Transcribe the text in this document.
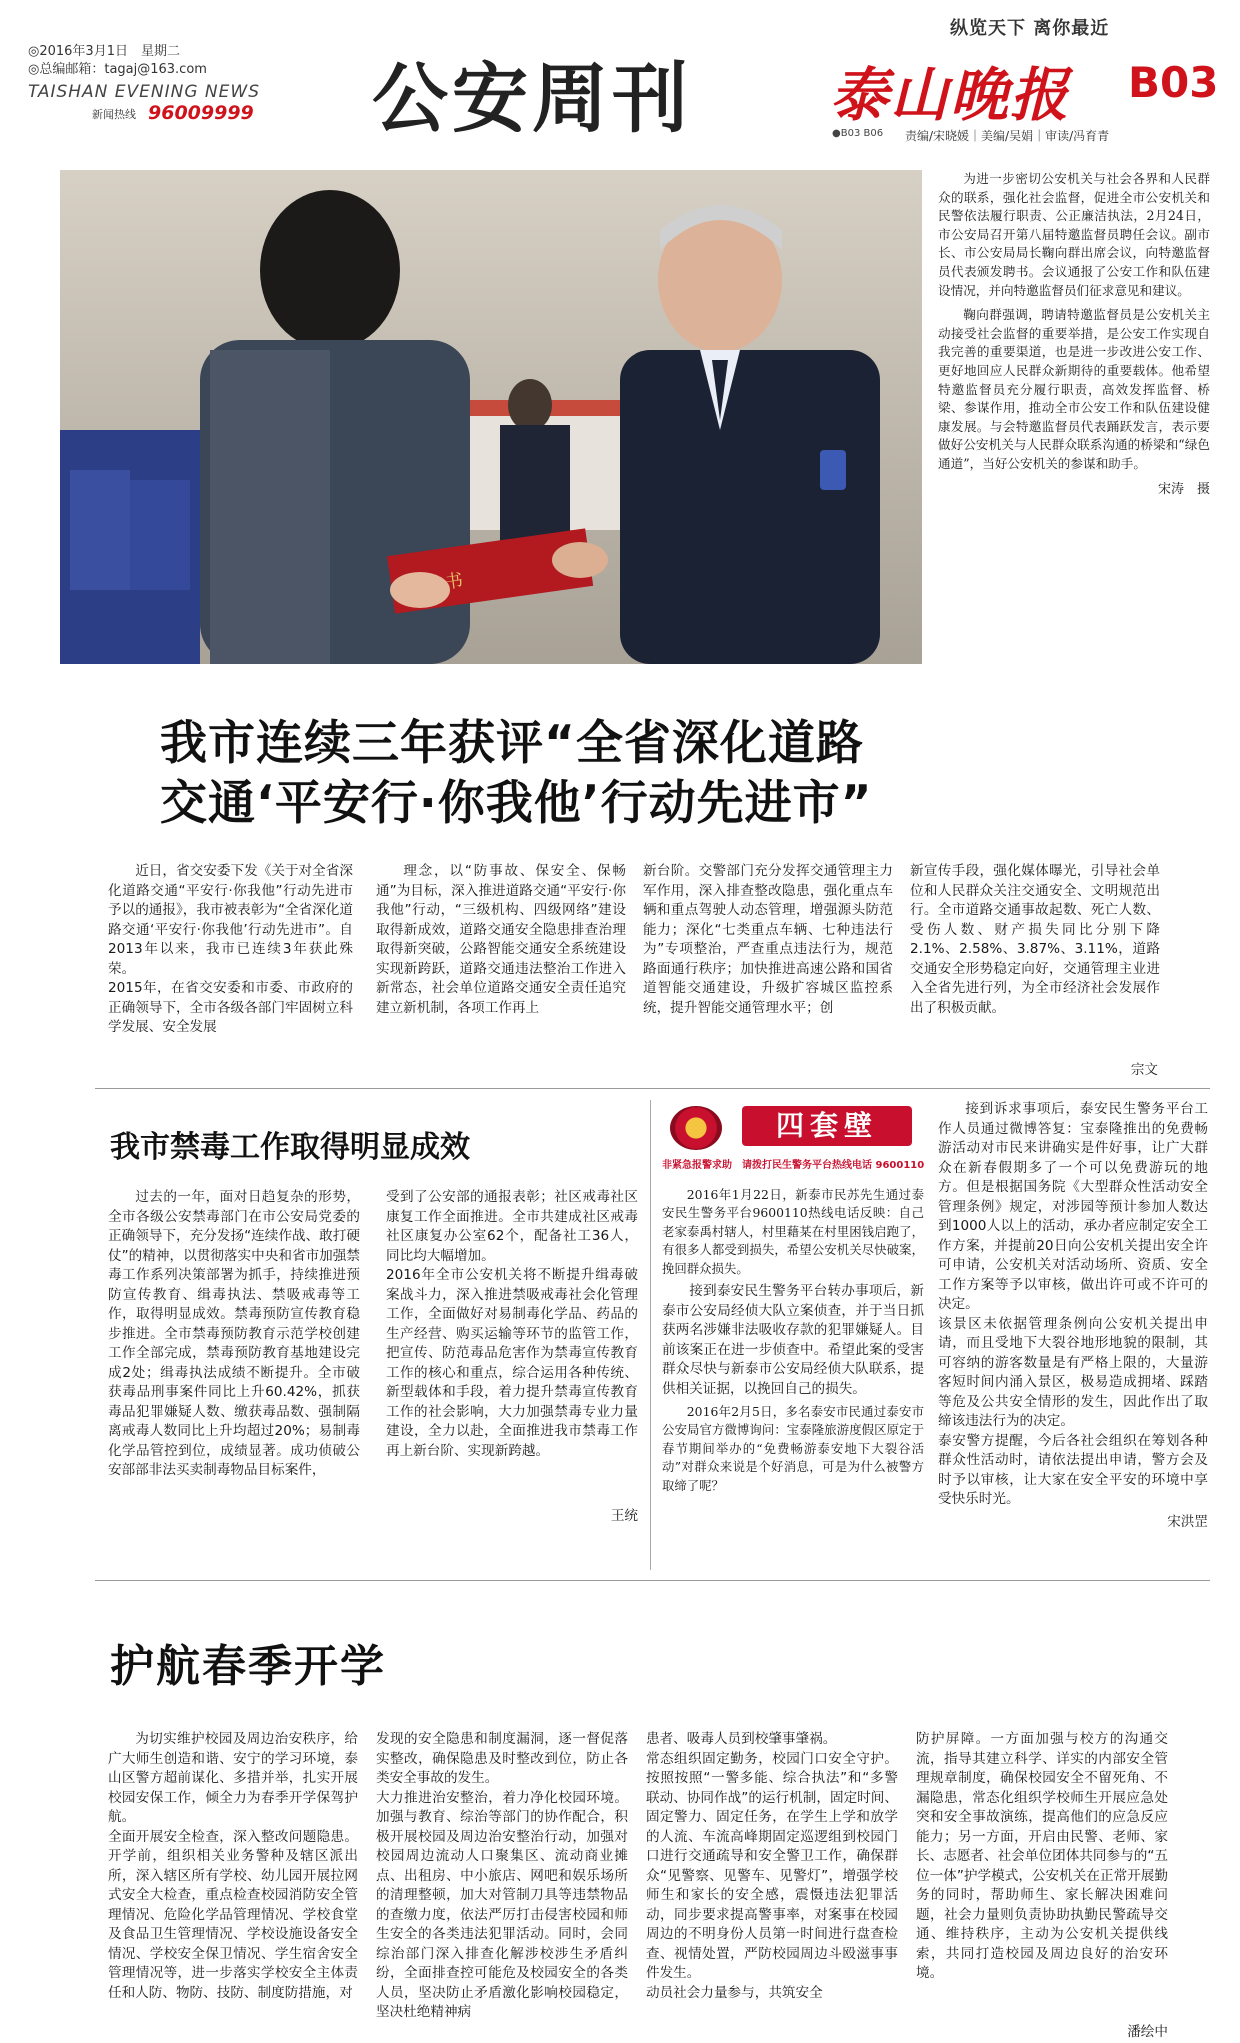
◎2016年3月1日　星期二
◎总编邮箱：tagaj@163.com
TAISHAN EVENING NEWS
新闻热线 96009999 公安周刊
纵览天下 离你最近
泰山晚报 B03
●B03 B06 责编/宋晓媛｜美编/吴娟｜审读/冯育青
书

为进一步密切公安机关与社会各界和人民群众的联系，强化社会监督，促进全市公安机关和民警依法履行职责、公正廉洁执法，2月24日，市公安局召开第八届特邀监督员聘任会议。副市长、市公安局局长鞠向群出席会议，向特邀监督员代表颁发聘书。会议通报了公安工作和队伍建设情况，并向特邀监督员们征求意见和建议。

鞠向群强调，聘请特邀监督员是公安机关主动接受社会监督的重要举措，是公安工作实现自我完善的重要渠道，也是进一步改进公安工作、更好地回应人民群众新期待的重要载体。他希望特邀监督员充分履行职责，高效发挥监督、桥梁、参谋作用，推动全市公安工作和队伍建设健康发展。与会特邀监督员代表踊跃发言，表示要做好公安机关与人民群众联系沟通的桥梁和“绿色通道”，当好公安机关的参谋和助手。

宋涛　摄
我市连续三年获评“全省深化道路
交通‘平安行·你我他’行动先进市”

近日，省交安委下发《关于对全省深化道路交通“平安行·你我他”行动先进市予以的通报》，我市被表彰为“全省深化道路交通‘平安行·你我他’行动先进市”。自2013年以来，我市已连续3年获此殊荣。
2015年，在省交安委和市委、市政府的正确领导下，全市各级各部门牢固树立科学发展、安全发展

理念，以“防事故、保安全、保畅通”为目标，深入推进道路交通“平安行·你我他”行动，“三级机构、四级网络”建设取得新成效，道路交通安全隐患排查治理取得新突破，公路智能交通安全系统建设实现新跨跃，道路交通违法整治工作进入新常态，社会单位道路交通安全责任追究建立新机制，各项工作再上

新台阶。交警部门充分发挥交通管理主力军作用，深入排查整改隐患，强化重点车辆和重点驾驶人动态管理，增强源头防范能力；深化“七类重点车辆、七种违法行为”专项整治，严查重点违法行为，规范路面通行秩序；加快推进高速公路和国省道智能交通建设，升级扩容城区监控系统，提升智能交通管理水平；创

新宣传手段，强化媒体曝光，引导社会单位和人民群众关注交通安全、文明规范出行。全市道路交通事故起数、死亡人数、受伤人数、财产损失同比分别下降2.1%、2.58%、3.87%、3.11%，道路交通安全形势稳定向好，交通管理主业进入全省先进行列，为全市经济社会发展作出了积极贡献。

宗文
我市禁毒工作取得明显成效

过去的一年，面对日趋复杂的形势，全市各级公安禁毒部门在市公安局党委的正确领导下，充分发扬“连续作战、敢打硬仗”的精神，以贯彻落实中央和省市加强禁毒工作系列决策部署为抓手，持续推进预防宣传教育、缉毒执法、禁吸戒毒等工作，取得明显成效。禁毒预防宣传教育稳步推进。全市禁毒预防教育示范学校创建工作全部完成，禁毒预防教育基地建设完成2处；缉毒执法成绩不断提升。全市破获毒品刑事案件同比上升60.42%，抓获毒品犯罪嫌疑人数、缴获毒品数、强制隔离戒毒人数同比上升均超过20%；易制毒化学品管控到位，成绩显著。成功侦破公安部部非法买卖制毒物品目标案件，

受到了公安部的通报表彰；社区戒毒社区康复工作全面推进。全市共建成社区戒毒社区康复办公室62个，配备社工36人，同比均大幅增加。
2016年全市公安机关将不断提升缉毒破案战斗力，深入推进禁吸戒毒社会化管理工作，全面做好对易制毒化学品、药品的生产经营、购买运输等环节的监管工作，把宣传、防范毒品危害作为禁毒宣传教育工作的核心和重点，综合运用各种传统、新型载体和手段，着力提升禁毒宣传教育工作的社会影响，大力加强禁毒专业力量建设，全力以赴，全面推进我市禁毒工作再上新台阶、实现新跨越。

王统
四套壁
非紧急报警求助　请拨打民生警务平台热线电话 9600110

2016年1月22日，新泰市民苏先生通过泰安民生警务平台9600110热线电话反映：自己老家泰禹村辖人，村里藉某在村里困钱启跑了，有很多人都受到损失，希望公安机关尽快破案，挽回群众损失。

接到泰安民生警务平台转办事项后，新泰市公安局经侦大队立案侦查，并于当日抓获两名涉嫌非法吸收存款的犯罪嫌疑人。目前该案正在进一步侦查中。希望此案的受害群众尽快与新泰市公安局经侦大队联系，提供相关证据，以挽回自己的损失。

2016年2月5日，多名泰安市民通过泰安市公安局官方微博询问：宝泰隆旅游度假区原定于春节期间举办的“免费畅游泰安地下大裂谷活动”对群众来说是个好消息，可是为什么被警方取缔了呢？

接到诉求事项后，泰安民生警务平台工作人员通过微博答复：宝泰隆推出的免费畅游活动对市民来讲确实是件好事，让广大群众在新春假期多了一个可以免费游玩的地方。但是根据国务院《大型群众性活动安全管理条例》规定，对涉园等预计参加人数达到1000人以上的活动，承办者应制定安全工作方案，并提前20日向公安机关提出安全许可申请，公安机关对活动场所、资质、安全工作方案等予以审核，做出许可或不许可的决定。
该景区未依据管理条例向公安机关提出申请，而且受地下大裂谷地形地貌的限制，其可容纳的游客数量是有严格上限的，大量游客短时间内涌入景区，极易造成拥堵、踩踏等危及公共安全情形的发生，因此作出了取缔该违法行为的决定。
泰安警方提醒，今后各社会组织在筹划各种群众性活动时，请依法提出申请，警方会及时予以审核，让大家在安全平安的环境中享受快乐时光。

宋洪罡
护航春季开学

为切实维护校园及周边治安秩序，给广大师生创造和谐、安宁的学习环境，泰山区警方超前谋化、多措并举，扎实开展校园安保工作，倾全力为春季开学保驾护航。
全面开展安全检查，深入整改问题隐患。开学前，组织相关业务警种及辖区派出所，深入辖区所有学校、幼儿园开展拉网式安全大检查，重点检查校园消防安全管理情况、危险化学品管理情况、学校食堂及食品卫生管理情况、学校设施设备安全情况、学校安全保卫情况、学生宿舍安全管理情况等，进一步落实学校安全主体责任和人防、物防、技防、制度防措施，对

发现的安全隐患和制度漏洞，逐一督促落实整改，确保隐患及时整改到位，防止各类安全事故的发生。
大力推进治安整治，着力净化校园环境。加强与教育、综治等部门的协作配合，积极开展校园及周边治安整治行动，加强对校园周边流动人口聚集区、流动商业摊点、出租房、中小旅店、网吧和娱乐场所的清理整顿，加大对管制刀具等违禁物品的查缴力度，依法严厉打击侵害校园和师生安全的各类违法犯罪活动。同时，会同综治部门深入排查化解涉校涉生矛盾纠纷，全面排查控可能危及校园安全的各类人员，坚决防止矛盾激化影响校园稳定，坚决杜绝精神病

患者、吸毒人员到校肇事肇祸。
常态组织固定勤务，校园门口安全守护。按照按照“一警多能、综合执法”和“多警联动、协同作战”的运行机制，固定时间、固定警力、固定任务，在学生上学和放学的人流、车流高峰期固定巡逻组到校园门口进行交通疏导和安全警卫工作，确保群众“见警察、见警车、见警灯”，增强学校师生和家长的安全感，震慑违法犯罪活动，同步要求提高警事率，对案事在校园周边的不明身份人员第一时间进行盘查检查、视情处置，严防校园周边斗殴滋事事件发生。
动员社会力量参与，共筑安全

防护屏障。一方面加强与校方的沟通交流，指导其建立科学、详实的内部安全管理规章制度，确保校园安全不留死角、不漏隐患，常态化组织学校师生开展应急处突和安全事故演练，提高他们的应急反应能力；另一方面，开启由民警、老师、家长、志愿者、社会单位团体共同参与的“五位一体”护学模式，公安机关在正常开展勤务的同时，帮助师生、家长解决困难问题，社会力量则负责协助执勤民警疏导交通、维持秩序，主动为公安机关提供线索，共同打造校园及周边良好的治安环境。

潘绘中
